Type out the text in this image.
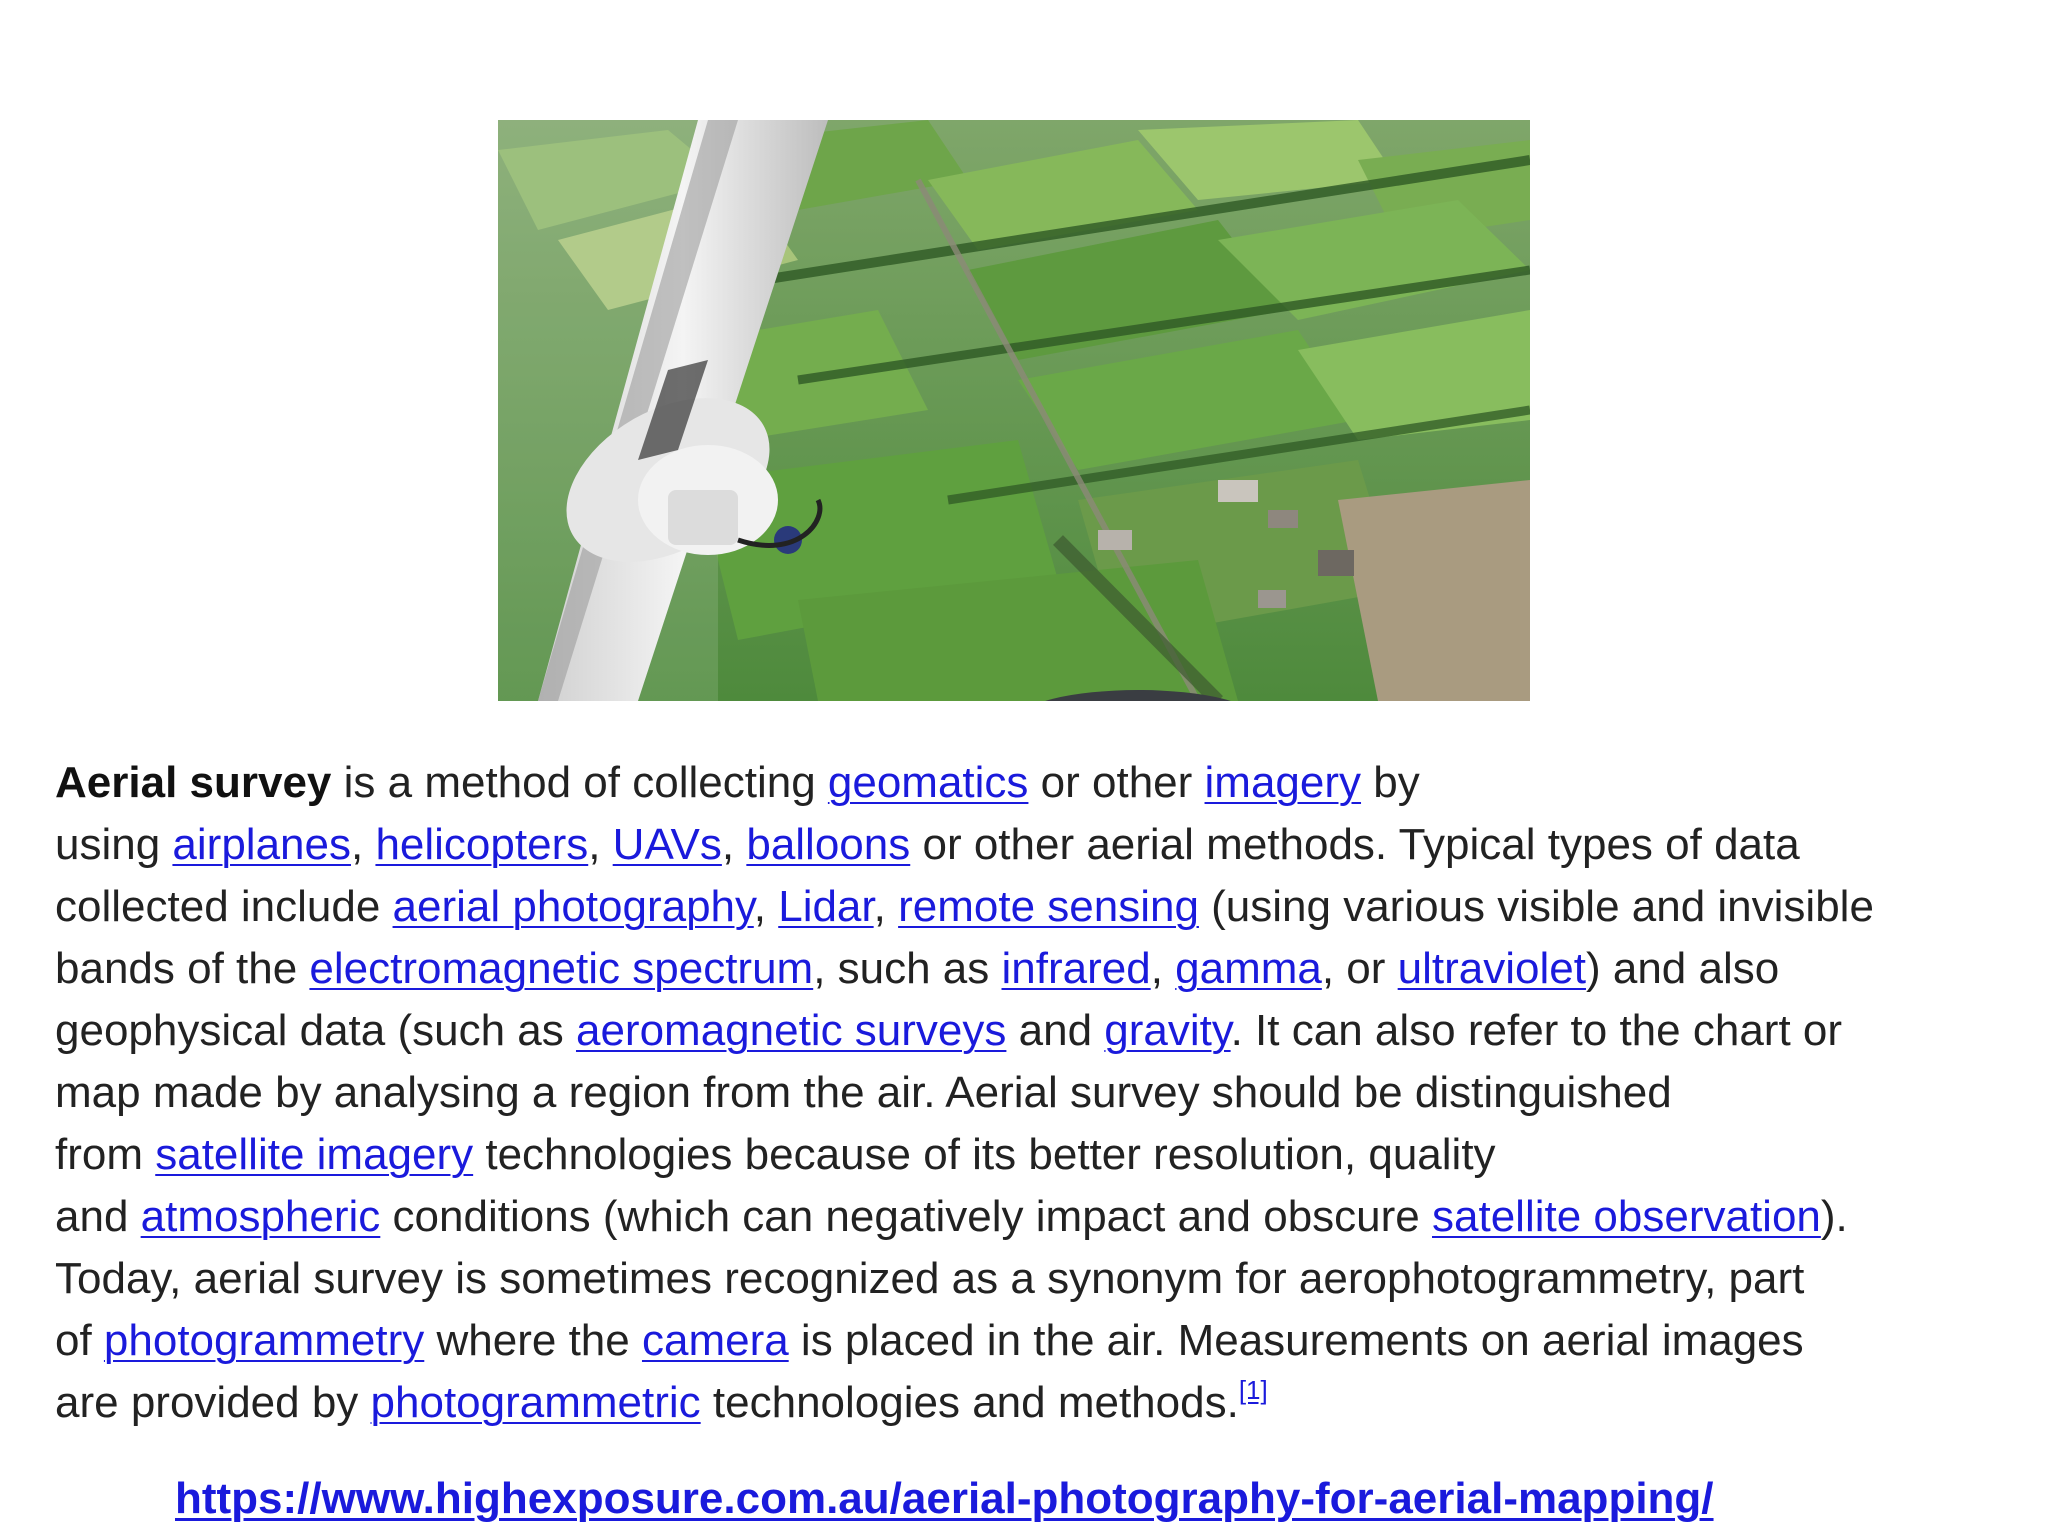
Aerial survey is a method of collecting geomatics or other imagery by
using airplanes, helicopters, UAVs, balloons or other aerial methods. Typical types of data
collected include aerial photography, Lidar, remote sensing (using various visible and invisible
bands of the electromagnetic spectrum, such as infrared, gamma, or ultraviolet) and also
geophysical data (such as aeromagnetic surveys and gravity. It can also refer to the chart or
map made by analysing a region from the air. Aerial survey should be distinguished
from satellite imagery technologies because of its better resolution, quality
and atmospheric conditions (which can negatively impact and obscure satellite observation).
Today, aerial survey is sometimes recognized as a synonym for aerophotogrammetry, part
of photogrammetry where the camera is placed in the air. Measurements on aerial images
are provided by photogrammetric technologies and methods.[1]
https://www.highexposure.com.au/aerial-photography-for-aerial-mapping/
